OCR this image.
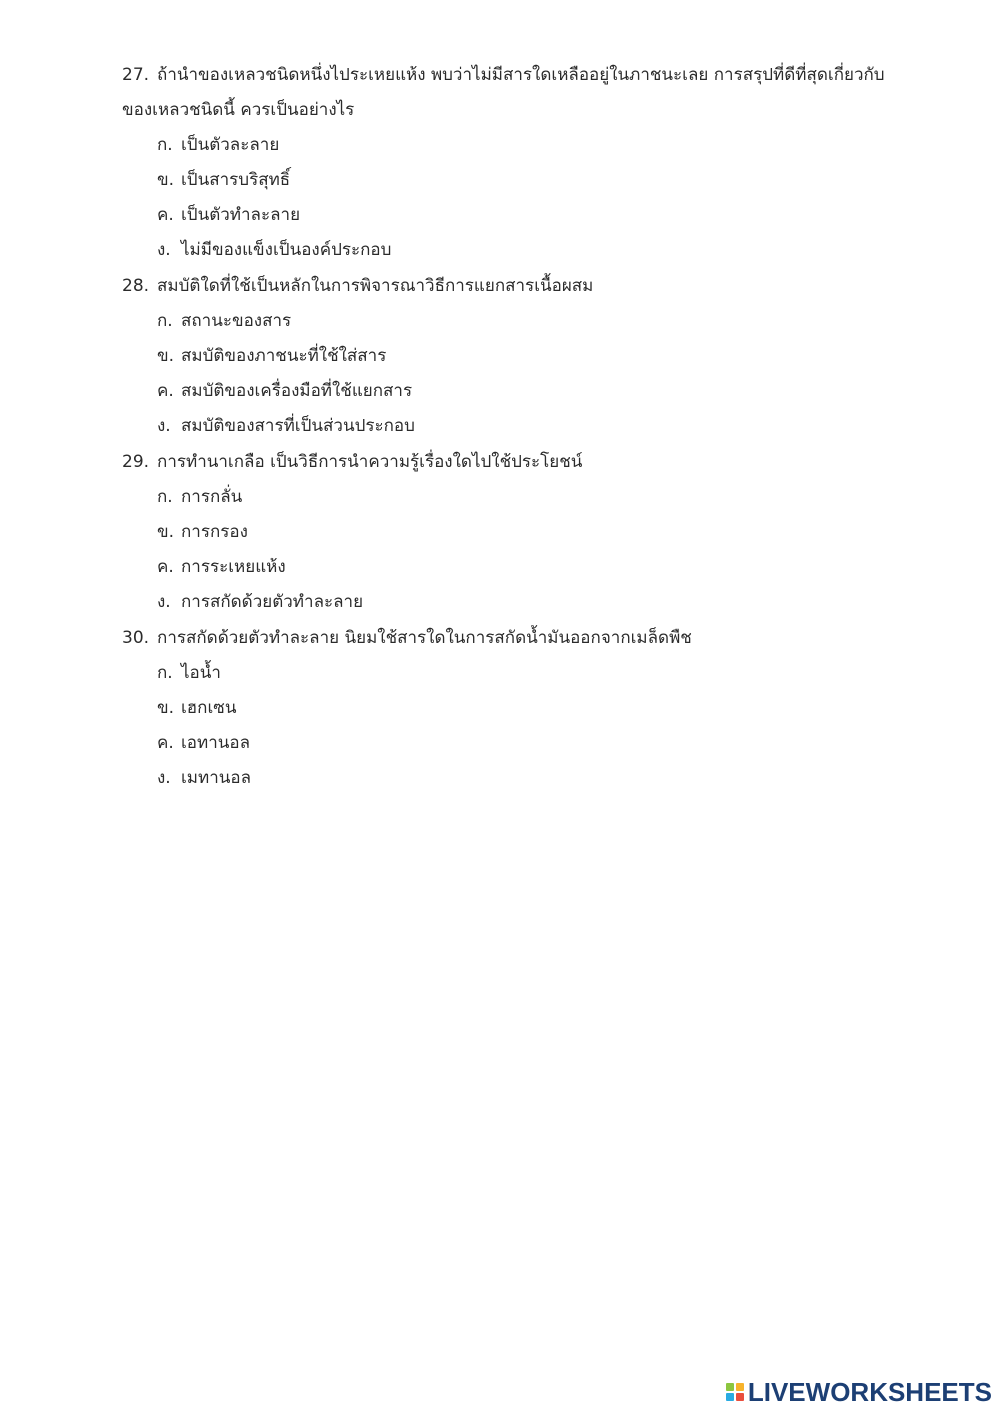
27. ถ้านำของเหลวชนิดหนึ่งไประเหยแห้ง พบว่าไม่มีสารใดเหลืออยู่ในภาชนะเลย การสรุปที่ดีที่สุดเกี่ยวกับ
ของเหลวชนิดนี้ ควรเป็นอย่างไร
ก. เป็นตัวละลาย
ข. เป็นสารบริสุทธิ์
ค. เป็นตัวทำละลาย
ง. ไม่มีของแข็งเป็นองค์ประกอบ
28. สมบัติใดที่ใช้เป็นหลักในการพิจารณาวิธีการแยกสารเนื้อผสม
ก. สถานะของสาร
ข. สมบัติของภาชนะที่ใช้ใส่สาร
ค. สมบัติของเครื่องมือที่ใช้แยกสาร
ง. สมบัติของสารที่เป็นส่วนประกอบ
29. การทำนาเกลือ เป็นวิธีการนำความรู้เรื่องใดไปใช้ประโยชน์
ก. การกลั่น
ข. การกรอง
ค. การระเหยแห้ง
ง. การสกัดด้วยตัวทำละลาย
30. การสกัดด้วยตัวทำละลาย นิยมใช้สารใดในการสกัดน้ำมันออกจากเมล็ดพืช
ก. ไอน้ำ
ข. เฮกเซน
ค. เอทานอล
ง. เมทานอล
LIVEWORKSHEETS
